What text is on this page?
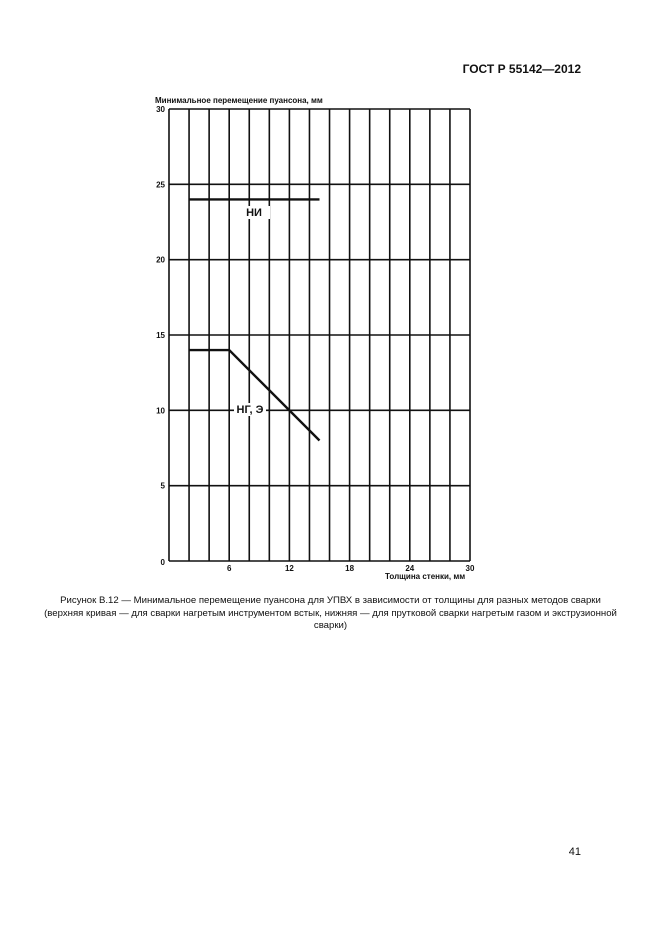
ГОСТ Р 55142—2012
НИ
НГ, Э
6	12	18	24	30
0
5
10
15
20
25
30
Минимальное перемещение пуансона, мм
Толщина стенки, мм
Рисунок В.12 — Минимальное перемещение пуансона для УПВХ в зависимости от толщины для разных методов сварки (верхняя кривая — для сварки нагретым инструментом встык, нижняя — для прутковой сварки нагретым газом и экструзионной сварки)
41
